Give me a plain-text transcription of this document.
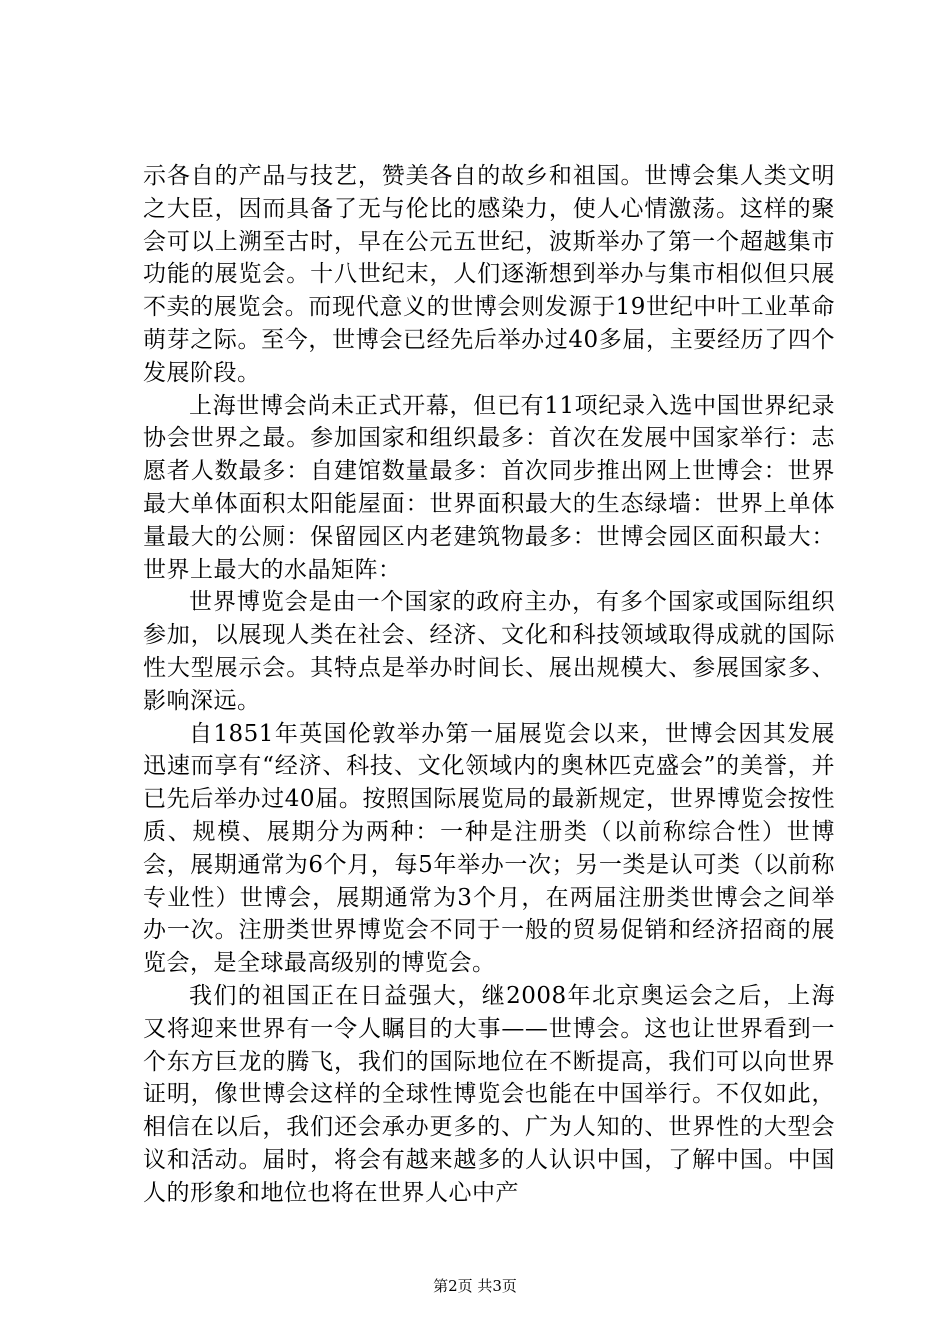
示各自的产品与技艺，赞美各自的故乡和祖国。世博会集人类文明之大臣，因而具备了无与伦比的感染力，使人心情激荡。这样的聚会可以上溯至古时，早在公元五世纪，波斯举办了第一个超越集市功能的展览会。十八世纪末，人们逐渐想到举办与集市相似但只展不卖的展览会。而现代意义的世博会则发源于19世纪中叶工业革命萌芽之际。至今，世博会已经先后举办过40多届，主要经历了四个发展阶段。

上海世博会尚未正式开幕，但已有11项纪录入选中国世界纪录协会世界之最。参加国家和组织最多：首次在发展中国家举行：志愿者人数最多：自建馆数量最多：首次同步推出网上世博会：世界最大单体面积太阳能屋面：世界面积最大的生态绿墙：世界上单体量最大的公厕：保留园区内老建筑物最多：世博会园区面积最大：世界上最大的水晶矩阵：

世界博览会是由一个国家的政府主办，有多个国家或国际组织参加，以展现人类在社会、经济、文化和科技领域取得成就的国际性大型展示会。其特点是举办时间长、展出规模大、参展国家多、影响深远。

自1851年英国伦敦举办第一届展览会以来，世博会因其发展迅速而享有“经济、科技、文化领域内的奥林匹克盛会”的美誉，并已先后举办过40届。按照国际展览局的最新规定，世界博览会按性质、规模、展期分为两种：一种是注册类（以前称综合性）世博会，展期通常为6个月，每5年举办一次；另一类是认可类（以前称专业性）世博会，展期通常为3个月，在两届注册类世博会之间举办一次。注册类世界博览会不同于一般的贸易促销和经济招商的展览会，是全球最高级别的博览会。

我们的祖国正在日益强大，继2008年北京奥运会之后，上海又将迎来世界有一令人瞩目的大事——世博会。这也让世界看到一个东方巨龙的腾飞，我们的国际地位在不断提高，我们可以向世界证明，像世博会这样的全球性博览会也能在中国举行。不仅如此，相信在以后，我们还会承办更多的、广为人知的、世界性的大型会议和活动。届时，将会有越来越多的人认识中国，了解中国。中国人的形象和地位也将在世界人心中产

第2页 共3页
